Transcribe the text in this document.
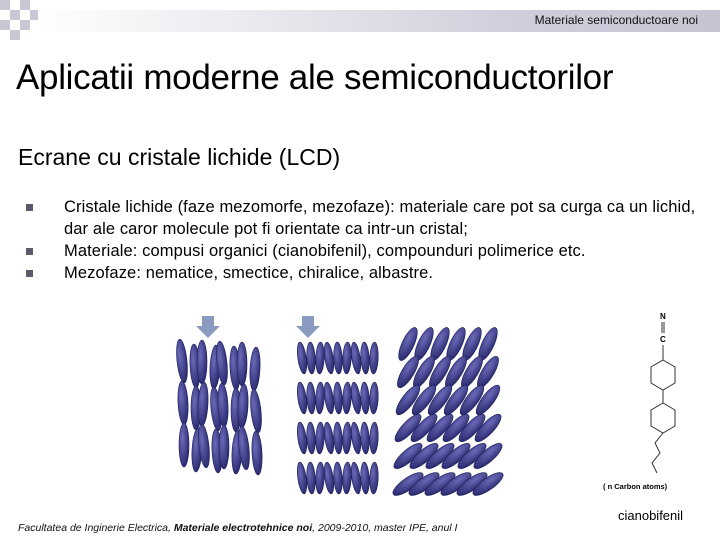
Materiale semiconductoare noi
Aplicatii moderne ale semiconductorilor
Ecrane cu cristale lichide (LCD)
Cristale lichide (faze mezomorfe, mezofaze): materiale care pot sa curga ca un lichid, dar ale caror molecule pot fi orientate ca intr-un cristal;
Materiale: compusi organici (cianobifenil), compounduri polimerice etc.
Mezofaze: nematice, smectice, chiralice, albastre.
N
C
( n Carbon atoms)
cianobifenil
Facultatea de Inginerie Electrica, Materiale electrotehnice noi, 2009-2010, master IPE, anul I
